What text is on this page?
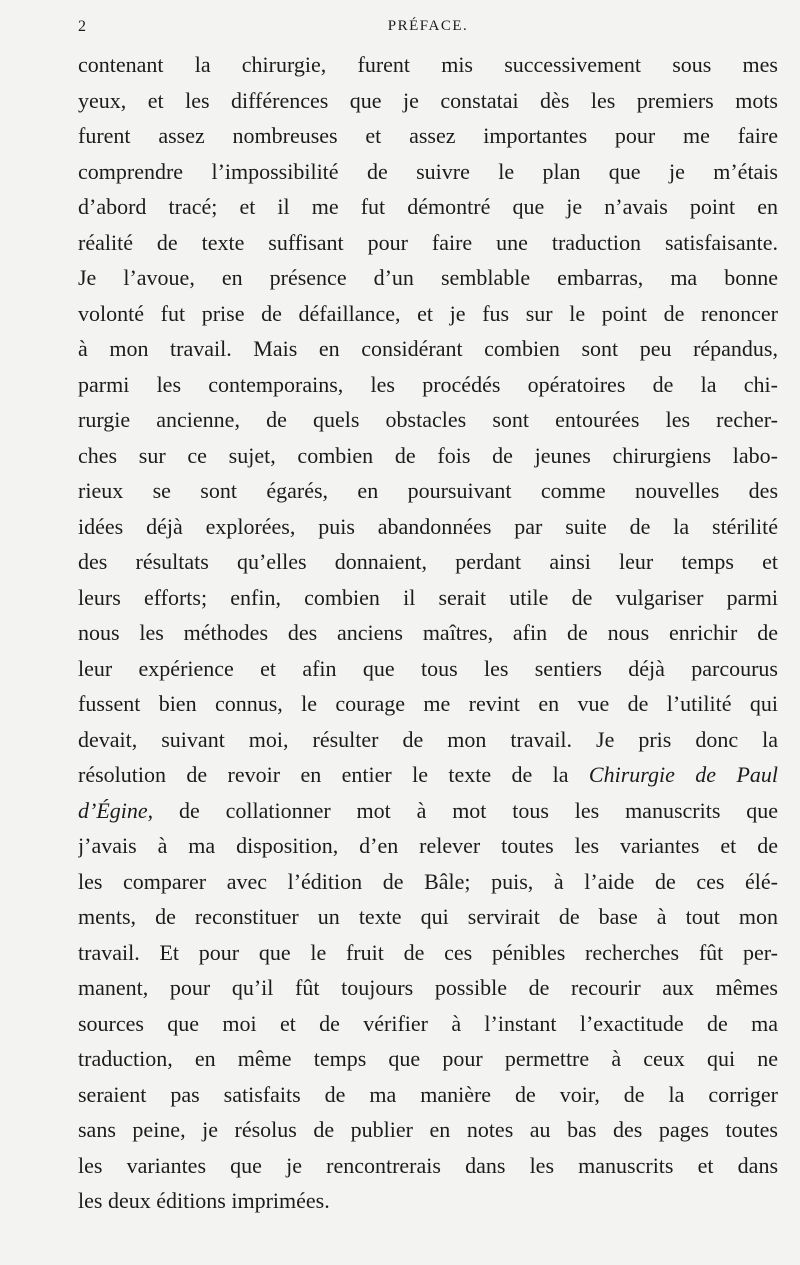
2	PRÉFACE.
contenant la chirurgie, furent mis successivement sous mes
yeux, et les différences que je constatai dès les premiers mots
furent assez nombreuses et assez importantes pour me faire
comprendre l’impossibilité de suivre le plan que je m’étais
d’abord tracé; et il me fut démontré que je n’avais point en
réalité de texte suffisant pour faire une traduction satisfaisante.
Je l’avoue, en présence d’un semblable embarras, ma bonne
volonté fut prise de défaillance, et je fus sur le point de renoncer
à mon travail. Mais en considérant combien sont peu répandus,
parmi les contemporains, les procédés opératoires de la chi-
rurgie ancienne, de quels obstacles sont entourées les recher-
ches sur ce sujet, combien de fois de jeunes chirurgiens labo-
rieux se sont égarés, en poursuivant comme nouvelles des
idées déjà explorées, puis abandonnées par suite de la stérilité
des résultats qu’elles donnaient, perdant ainsi leur temps et
leurs efforts; enfin, combien il serait utile de vulgariser parmi
nous les méthodes des anciens maîtres, afin de nous enrichir de
leur expérience et afin que tous les sentiers déjà parcourus
fussent bien connus, le courage me revint en vue de l’utilité qui
devait, suivant moi, résulter de mon travail. Je pris donc la
résolution de revoir en entier le texte de la Chirurgie de Paul
d’Égine, de collationner mot à mot tous les manuscrits que
j’avais à ma disposition, d’en relever toutes les variantes et de
les comparer avec l’édition de Bâle; puis, à l’aide de ces élé-
ments, de reconstituer un texte qui servirait de base à tout mon
travail. Et pour que le fruit de ces pénibles recherches fût per-
manent, pour qu’il fût toujours possible de recourir aux mêmes
sources que moi et de vérifier à l’instant l’exactitude de ma
traduction, en même temps que pour permettre à ceux qui ne
seraient pas satisfaits de ma manière de voir, de la corriger
sans peine, je résolus de publier en notes au bas des pages toutes
les variantes que je rencontrerais dans les manuscrits et dans
les deux éditions imprimées.
